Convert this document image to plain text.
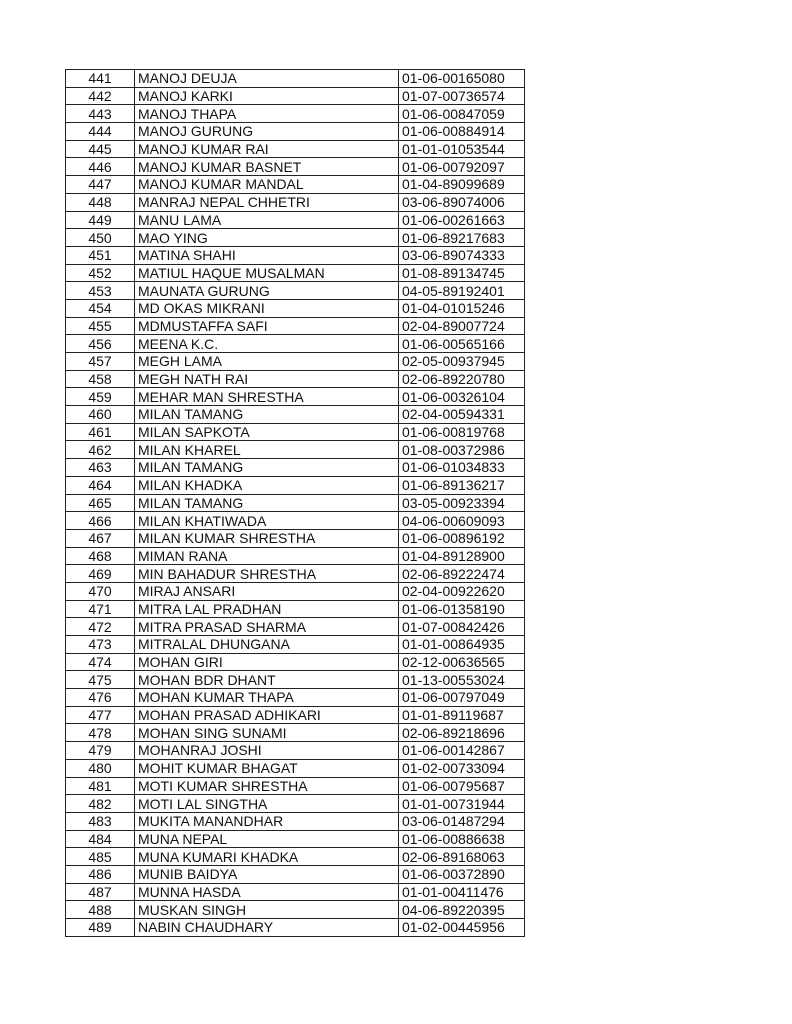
441	MANOJ DEUJA	01-06-00165080
442	MANOJ KARKI	01-07-00736574
443	MANOJ THAPA	01-06-00847059
444	MANOJ GURUNG	01-06-00884914
445	MANOJ KUMAR RAI	01-01-01053544
446	MANOJ KUMAR BASNET	01-06-00792097
447	MANOJ KUMAR MANDAL	01-04-89099689
448	MANRAJ NEPAL CHHETRI	03-06-89074006
449	MANU LAMA	01-06-00261663
450	MAO YING	01-06-89217683
451	MATINA SHAHI	03-06-89074333
452	MATIUL HAQUE MUSALMAN	01-08-89134745
453	MAUNATA GURUNG	04-05-89192401
454	MD OKAS MIKRANI	01-04-01015246
455	MDMUSTAFFA SAFI	02-04-89007724
456	MEENA K.C.	01-06-00565166
457	MEGH LAMA	02-05-00937945
458	MEGH NATH RAI	02-06-89220780
459	MEHAR MAN SHRESTHA	01-06-00326104
460	MILAN TAMANG	02-04-00594331
461	MILAN SAPKOTA	01-06-00819768
462	MILAN KHAREL	01-08-00372986
463	MILAN TAMANG	01-06-01034833
464	MILAN KHADKA	01-06-89136217
465	MILAN TAMANG	03-05-00923394
466	MILAN KHATIWADA	04-06-00609093
467	MILAN KUMAR SHRESTHA	01-06-00896192
468	MIMAN RANA	01-04-89128900
469	MIN BAHADUR SHRESTHA	02-06-89222474
470	MIRAJ ANSARI	02-04-00922620
471	MITRA LAL PRADHAN	01-06-01358190
472	MITRA PRASAD SHARMA	01-07-00842426
473	MITRALAL DHUNGANA	01-01-00864935
474	MOHAN GIRI	02-12-00636565
475	MOHAN BDR DHANT	01-13-00553024
476	MOHAN KUMAR THAPA	01-06-00797049
477	MOHAN PRASAD ADHIKARI	01-01-89119687
478	MOHAN SING SUNAMI	02-06-89218696
479	MOHANRAJ JOSHI	01-06-00142867
480	MOHIT KUMAR BHAGAT	01-02-00733094
481	MOTI KUMAR SHRESTHA	01-06-00795687
482	MOTI LAL SINGTHA	01-01-00731944
483	MUKITA MANANDHAR	03-06-01487294
484	MUNA NEPAL	01-06-00886638
485	MUNA KUMARI KHADKA	02-06-89168063
486	MUNIB BAIDYA	01-06-00372890
487	MUNNA HASDA	01-01-00411476
488	MUSKAN SINGH	04-06-89220395
489	NABIN CHAUDHARY	01-02-00445956
